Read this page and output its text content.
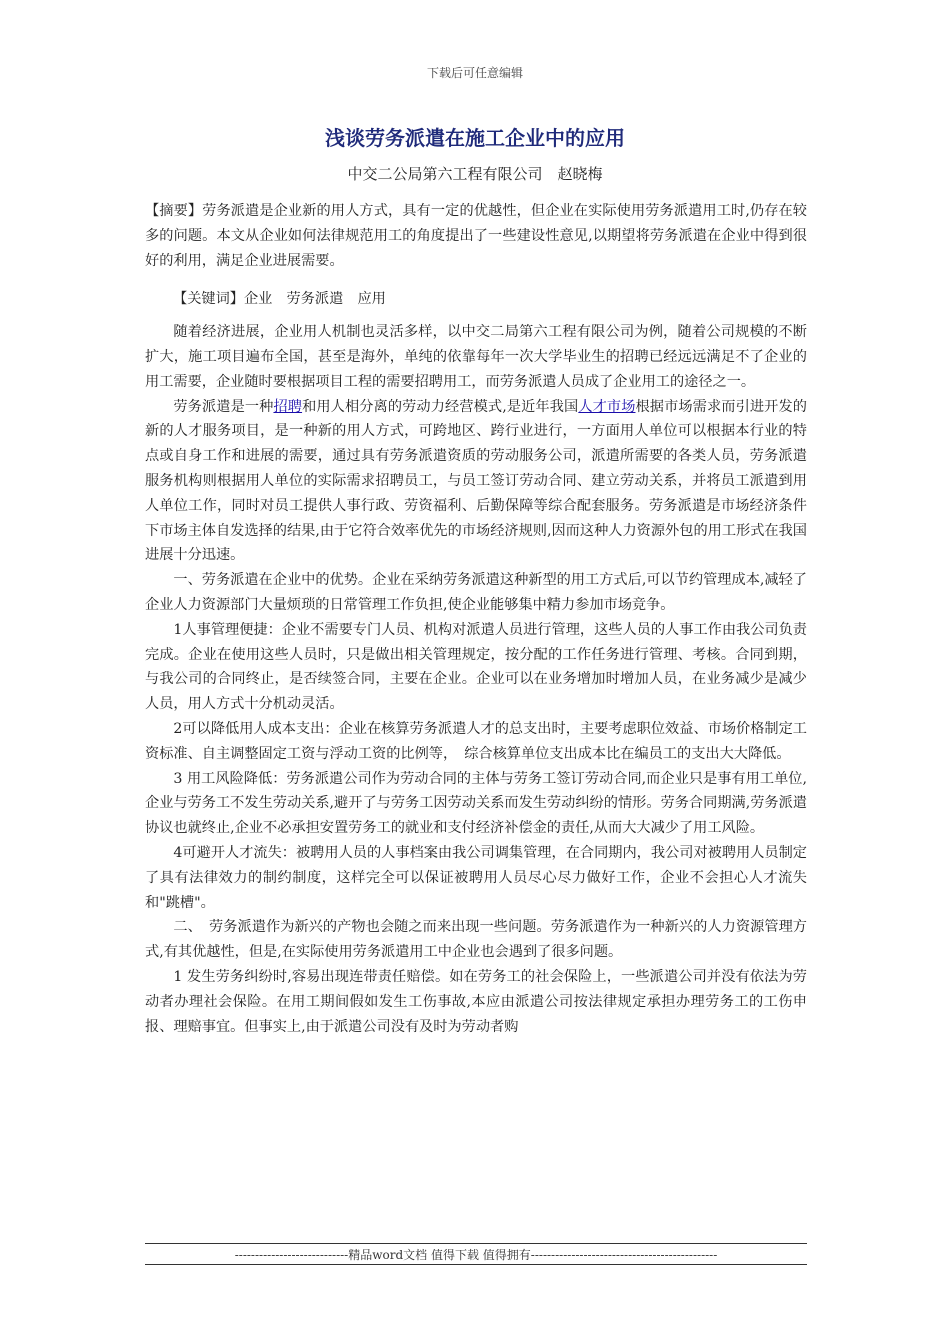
下载后可任意编辑
浅谈劳务派遣在施工企业中的应用
中交二公局第六工程有限公司　赵晓梅

【摘要】劳务派遣是企业新的用人方式，具有一定的优越性，但企业在实际使用劳务派遣用工时,仍存在较多的问题。本文从企业如何法律规范用工的角度提出了一些建设性意见,以期望将劳务派遣在企业中得到很好的利用，满足企业进展需要。

【关键词】企业　劳务派遣　应用

随着经济进展，企业用人机制也灵活多样，以中交二局第六工程有限公司为例，随着公司规模的不断扩大，施工项目遍布全国，甚至是海外，单纯的依靠每年一次大学毕业生的招聘已经远远满足不了企业的用工需要，企业随时要根据项目工程的需要招聘用工，而劳务派遣人员成了企业用工的途径之一。

劳务派遣是一种招聘和用人相分离的劳动力经营模式,是近年我国人才市场根据市场需求而引进开发的新的人才服务项目，是一种新的用人方式，可跨地区、跨行业进行，一方面用人单位可以根据本行业的特点或自身工作和进展的需要，通过具有劳务派遣资质的劳动服务公司，派遣所需要的各类人员，劳务派遣服务机构则根据用人单位的实际需求招聘员工，与员工签订劳动合同、建立劳动关系，并将员工派遣到用人单位工作，同时对员工提供人事行政、劳资福利、后勤保障等综合配套服务。劳务派遣是市场经济条件下市场主体自发选择的结果,由于它符合效率优先的市场经济规则,因而这种人力资源外包的用工形式在我国进展十分迅速。

一、劳务派遣在企业中的优势。企业在采纳劳务派遣这种新型的用工方式后,可以节约管理成本,减轻了企业人力资源部门大量烦琐的日常管理工作负担,使企业能够集中精力参加市场竞争。

1人事管理便捷：企业不需要专门人员、机构对派遣人员进行管理，这些人员的人事工作由我公司负责完成。企业在使用这些人员时，只是做出相关管理规定，按分配的工作任务进行管理、考核。合同到期，与我公司的合同终止，是否续签合同，主要在企业。企业可以在业务增加时增加人员，在业务减少是减少人员，用人方式十分机动灵活。

2可以降低用人成本支出：企业在核算劳务派遣人才的总支出时，主要考虑职位效益、市场价格制定工资标准、自主调整固定工资与浮动工资的比例等，　综合核算单位支出成本比在编员工的支出大大降低。

3 用工风险降低：劳务派遣公司作为劳动合同的主体与劳务工签订劳动合同,而企业只是事有用工单位,企业与劳务工不发生劳动关系,避开了与劳务工因劳动关系而发生劳动纠纷的情形。劳务合同期满,劳务派遣协议也就终止,企业不必承担安置劳务工的就业和支付经济补偿金的责任,从而大大减少了用工风险。

4可避开人才流失：被聘用人员的人事档案由我公司调集管理，在合同期内，我公司对被聘用人员制定了具有法律效力的制约制度，这样完全可以保证被聘用人员尽心尽力做好工作，企业不会担心人才流失和"跳槽"。

二、　劳务派遣作为新兴的产物也会随之而来出现一些问题。劳务派遣作为一种新兴的人力资源管理方式,有其优越性，但是,在实际使用劳务派遣用工中企业也会遇到了很多问题。

1 发生劳务纠纷时,容易出现连带责任赔偿。如在劳务工的社会保险上，一些派遣公司并没有依法为劳动者办理社会保险。在用工期间假如发生工伤事故,本应由派遣公司按法律规定承担办理劳务工的工伤申报、理赔事宜。但事实上,由于派遣公司没有及时为劳动者购

----------------------------精品word文档 值得下载 值得拥有----------------------------------------------
